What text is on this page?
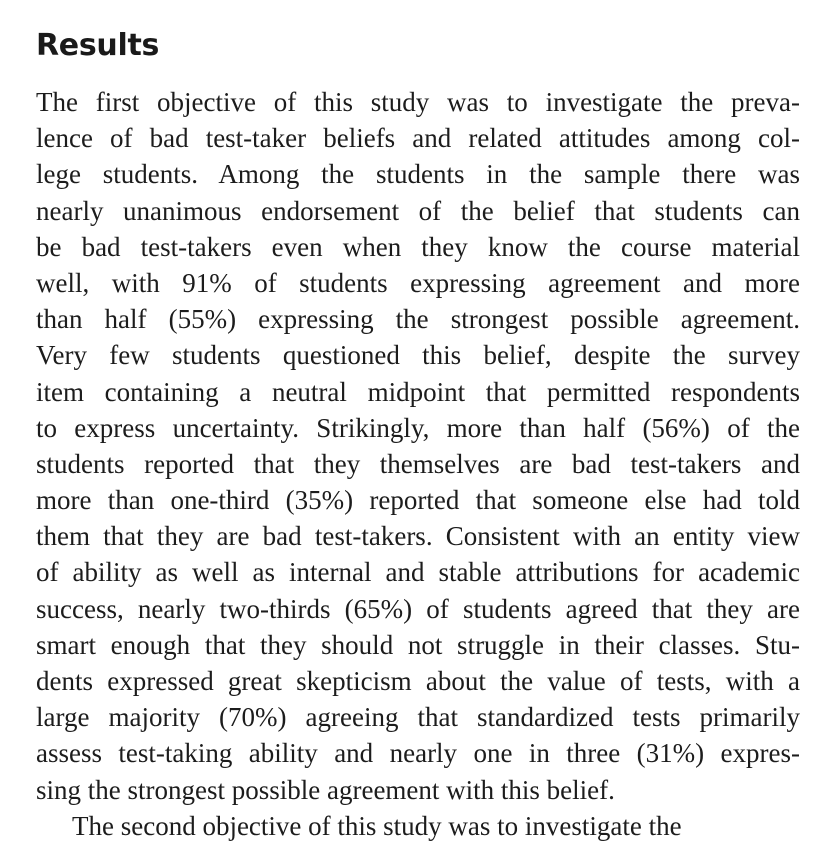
Results
The first objective of this study was to investigate the preva-
lence of bad test-taker beliefs and related attitudes among col-
lege students. Among the students in the sample there was
nearly unanimous endorsement of the belief that students can
be bad test-takers even when they know the course material
well, with 91% of students expressing agreement and more
than half (55%) expressing the strongest possible agreement.
Very few students questioned this belief, despite the survey
item containing a neutral midpoint that permitted respondents
to express uncertainty. Strikingly, more than half (56%) of the
students reported that they themselves are bad test-takers and
more than one-third (35%) reported that someone else had told
them that they are bad test-takers. Consistent with an entity view
of ability as well as internal and stable attributions for academic
success, nearly two-thirds (65%) of students agreed that they are
smart enough that they should not struggle in their classes. Stu-
dents expressed great skepticism about the value of tests, with a
large majority (70%) agreeing that standardized tests primarily
assess test-taking ability and nearly one in three (31%) expres-
sing the strongest possible agreement with this belief.
The second objective of this study was to investigate the
